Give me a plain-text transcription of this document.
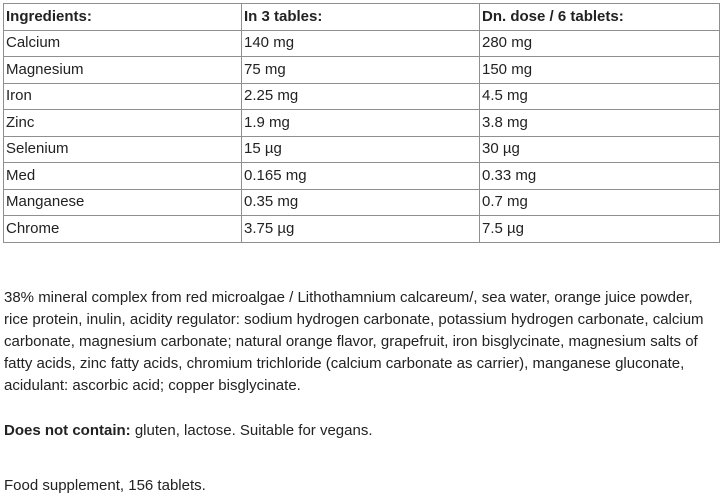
Ingredients:	In 3 tables:	Dn. dose / 6 tablets:
Calcium	140 mg	280 mg
Magnesium	75 mg	150 mg
Iron	2.25 mg	4.5 mg
Zinc	1.9 mg	3.8 mg
Selenium	15 µg	30 µg
Med	0.165 mg	0.33 mg
Manganese	0.35 mg	0.7 mg
Chrome	3.75 µg	7.5 µg

38% mineral complex from red microalgae / Lithothamnium calcareum/, sea water, orange juice powder, rice protein, inulin, acidity regulator: sodium hydrogen carbonate, potassium hydrogen carbonate, calcium carbonate, magnesium carbonate; natural orange flavor, grapefruit, iron bisglycinate, magnesium salts of fatty acids, zinc fatty acids, chromium trichloride (calcium carbonate as carrier), manganese gluconate, acidulant: ascorbic acid; copper bisglycinate.

Does not contain: gluten, lactose. Suitable for vegans.

Food supplement, 156 tablets.
